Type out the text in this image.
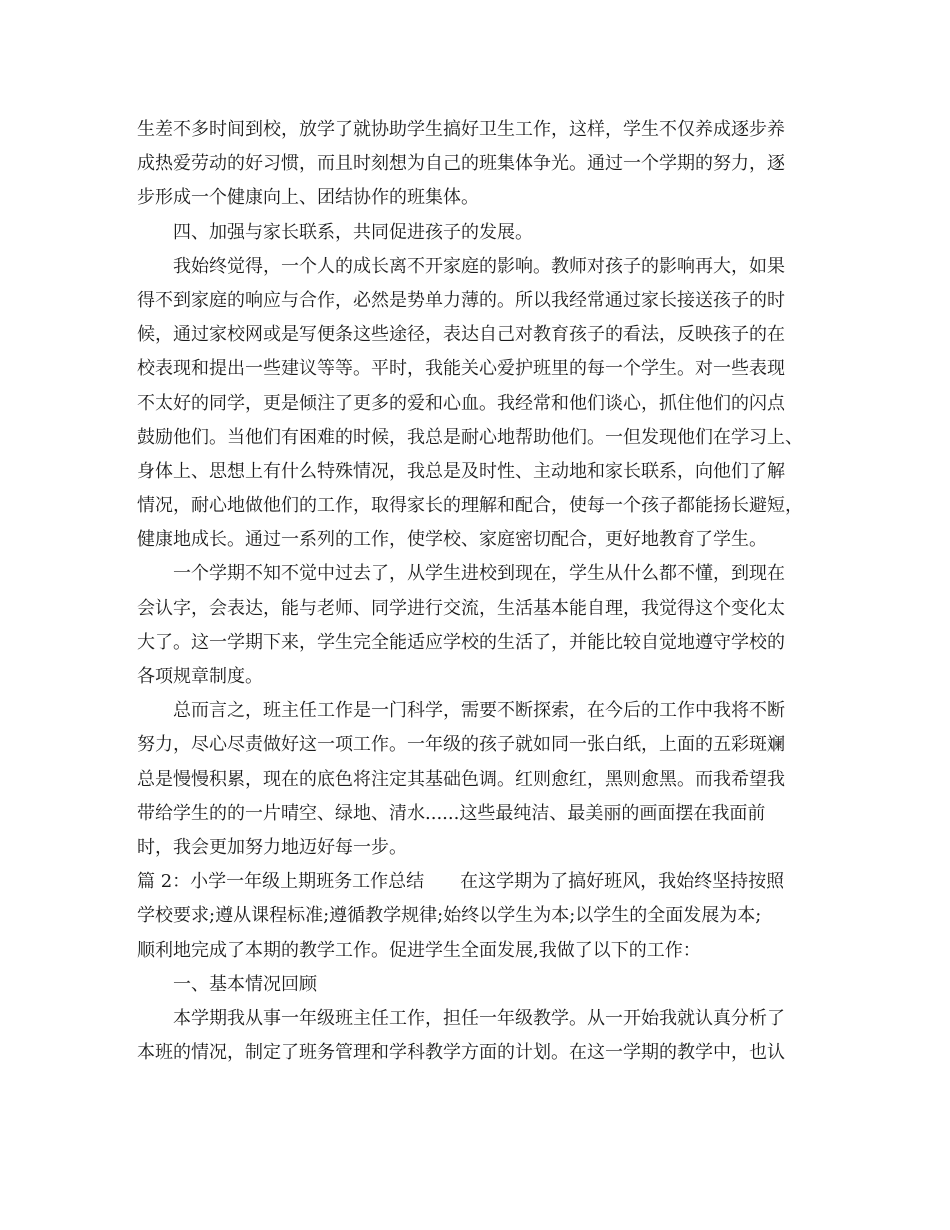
生差不多时间到校，放学了就协助学生搞好卫生工作，这样，学生不仅养成逐步养
成热爱劳动的好习惯，而且时刻想为自己的班集体争光。通过一个学期的努力，逐
步形成一个健康向上、团结协作的班集体。
四、加强与家长联系，共同促进孩子的发展。
我始终觉得，一个人的成长离不开家庭的影响。教师对孩子的影响再大，如果
得不到家庭的响应与合作，必然是势单力薄的。所以我经常通过家长接送孩子的时
候，通过家校网或是写便条这些途径，表达自己对教育孩子的看法，反映孩子的在
校表现和提出一些建议等等。平时，我能关心爱护班里的每一个学生。对一些表现
不太好的同学，更是倾注了更多的爱和心血。我经常和他们谈心，抓住他们的闪点
鼓励他们。当他们有困难的时候，我总是耐心地帮助他们。一但发现他们在学习上、
身体上、思想上有什么特殊情况，我总是及时性、主动地和家长联系，向他们了解
情况，耐心地做他们的工作，取得家长的理解和配合，使每一个孩子都能扬长避短，
健康地成长。通过一系列的工作，使学校、家庭密切配合，更好地教育了学生。
一个学期不知不觉中过去了，从学生进校到现在，学生从什么都不懂，到现在
会认字，会表达，能与老师、同学进行交流，生活基本能自理，我觉得这个变化太
大了。这一学期下来，学生完全能适应学校的生活了，并能比较自觉地遵守学校的
各项规章制度。
总而言之，班主任工作是一门科学，需要不断探索，在今后的工作中我将不断
努力，尽心尽责做好这一项工作。一年级的孩子就如同一张白纸，上面的五彩斑斓
总是慢慢积累，现在的底色将注定其基础色调。红则愈红，黑则愈黑。而我希望我
带给学生的的一片晴空、绿地、清水......这些最纯洁、最美丽的画面摆在我面前
时，我会更加努力地迈好每一步。
篇 2：小学一年级上期班务工作总结　　在这学期为了搞好班风，我始终坚持按照
学校要求;遵从课程标准;遵循教学规律;始终以学生为本;以学生的全面发展为本;
顺利地完成了本期的教学工作。促进学生全面发展,我做了以下的工作：
一、基本情况回顾
本学期我从事一年级班主任工作，担任一年级教学。从一开始我就认真分析了
本班的情况，制定了班务管理和学科教学方面的计划。在这一学期的教学中，也认
